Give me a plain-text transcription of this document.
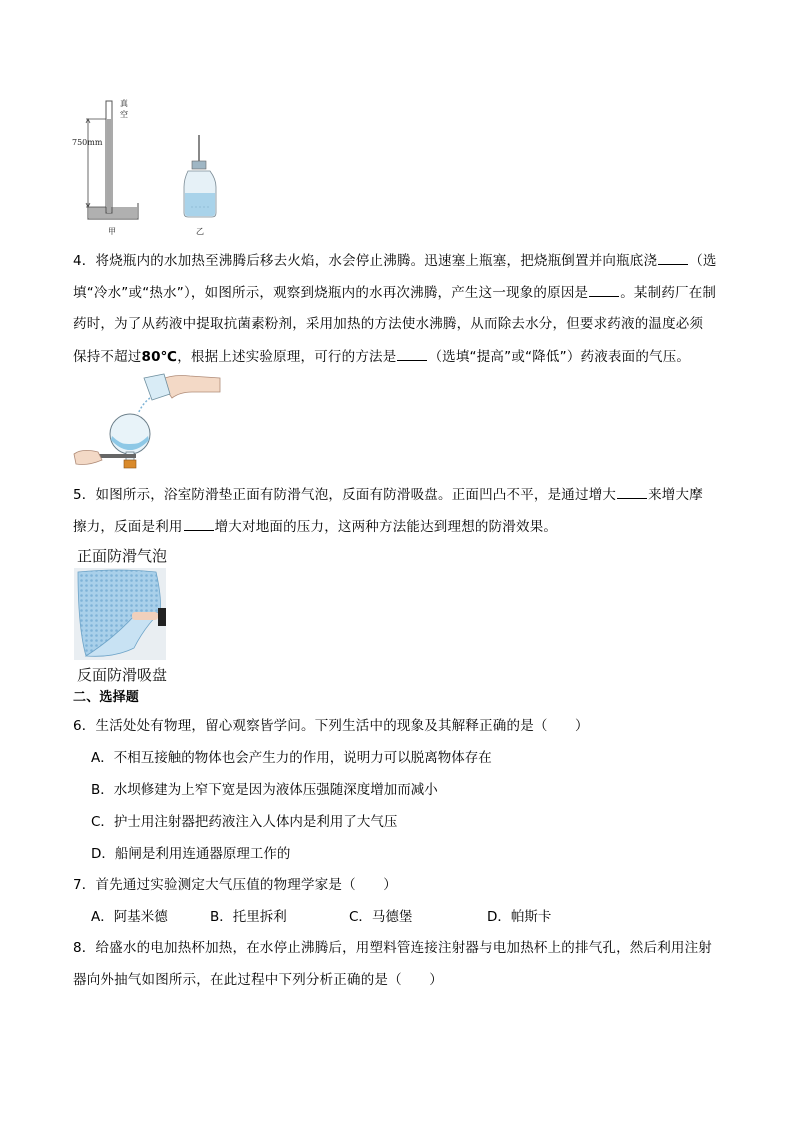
真
空
750mm
甲	乙
4．将烧瓶内的水加热至沸腾后移去火焰，水会停止沸腾。迅速塞上瓶塞，把烧瓶倒置并向瓶底浇 （选
填“冷水”或“热水”），如图所示，观察到烧瓶内的水再次沸腾，产生这一现象的原因是 。某制药厂在制
药时，为了从药液中提取抗菌素粉剂，采用加热的方法使水沸腾，从而除去水分，但要求药液的温度必须
保持不超过80℃，根据上述实验原理，可行的方法是 （选填“提高”或“降低”）药液表面的气压。
5．如图所示，浴室防滑垫正面有防滑气泡，反面有防滑吸盘。正面凹凸不平，是通过增大 来增大摩
擦力，反面是利用 增大对地面的压力，这两种方法能达到理想的防滑效果。
正面防滑气泡
反面防滑吸盘
二、选择题
6．生活处处有物理，留心观察皆学问。下列生活中的现象及其解释正确的是（　　）
A．不相互接触的物体也会产生力的作用，说明力可以脱离物体存在
B．水坝修建为上窄下宽是因为液体压强随深度增加而减小
C．护士用注射器把药液注入人体内是利用了大气压
D．船闸是利用连通器原理工作的
7．首先通过实验测定大气压值的物理学家是（　　）
A．阿基米德	B．托里拆利	C．马德堡	D．帕斯卡
8．给盛水的电加热杯加热，在水停止沸腾后，用塑料管连接注射器与电加热杯上的排气孔，然后利用注射
器向外抽气如图所示，在此过程中下列分析正确的是（　　）
